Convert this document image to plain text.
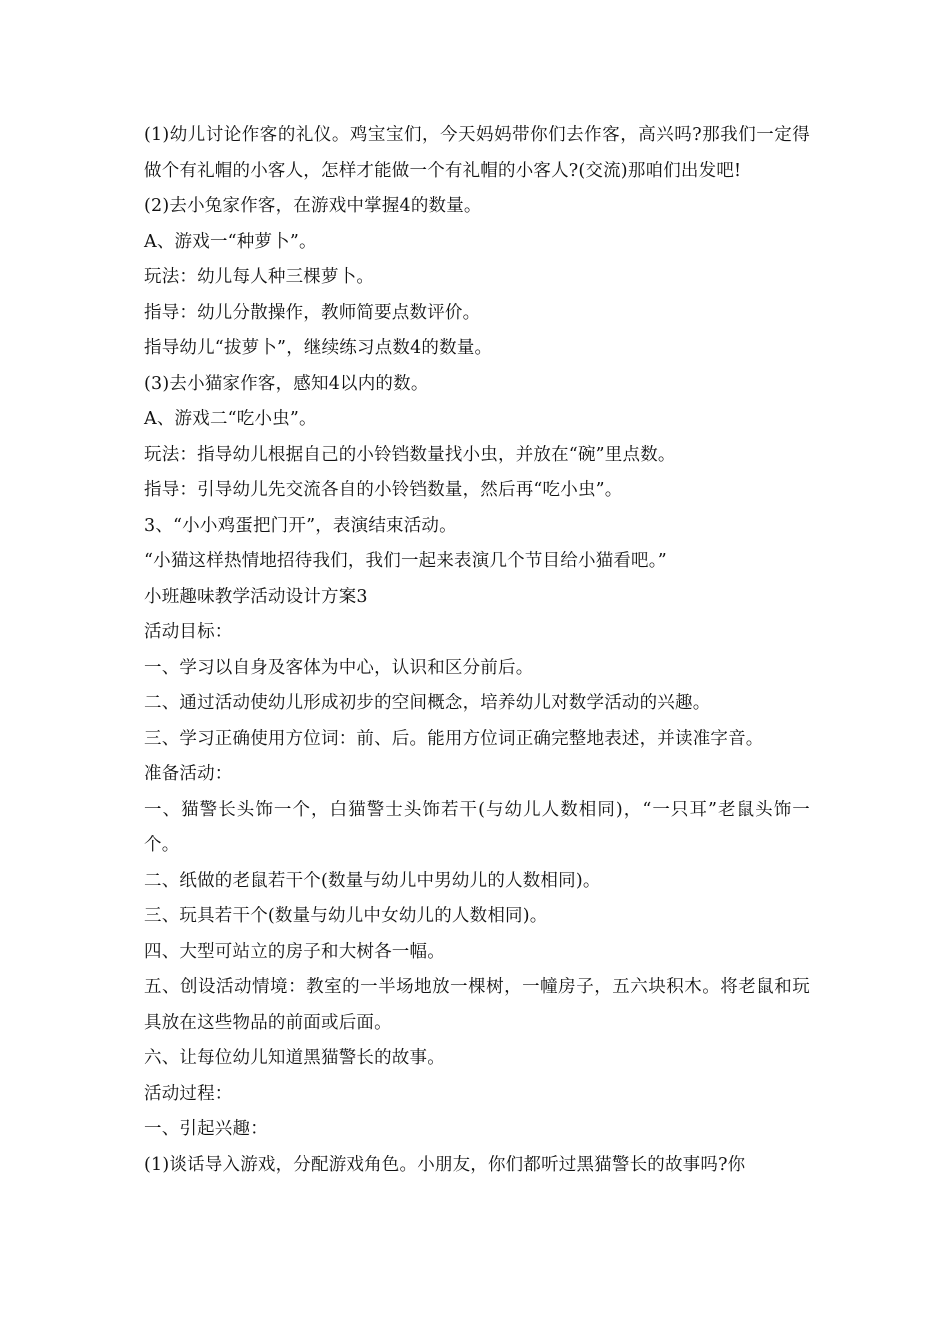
(1)幼儿讨论作客的礼仪。鸡宝宝们，今天妈妈带你们去作客，高兴吗?那我们一定得做个有礼帽的小客人，怎样才能做一个有礼帽的小客人?(交流)那咱们出发吧!

(2)去小兔家作客，在游戏中掌握4的数量。

A、游戏一“种萝卜”。

玩法：幼儿每人种三棵萝卜。

指导：幼儿分散操作，教师简要点数评价。

指导幼儿“拔萝卜”，继续练习点数4的数量。

(3)去小猫家作客，感知4以内的数。

A、游戏二“吃小虫”。

玩法：指导幼儿根据自己的小铃铛数量找小虫，并放在“碗”里点数。

指导：引导幼儿先交流各自的小铃铛数量，然后再“吃小虫”。

3、“小小鸡蛋把门开”，表演结束活动。

“小猫这样热情地招待我们，我们一起来表演几个节目给小猫看吧。”

小班趣味教学活动设计方案3

活动目标：

一、学习以自身及客体为中心，认识和区分前后。

二、通过活动使幼儿形成初步的空间概念，培养幼儿对数学活动的兴趣。

三、学习正确使用方位词：前、后。能用方位词正确完整地表述，并读准字音。

准备活动：

一、猫警长头饰一个，白猫警士头饰若干(与幼儿人数相同)，“一只耳”老鼠头饰一个。

二、纸做的老鼠若干个(数量与幼儿中男幼儿的人数相同)。

三、玩具若干个(数量与幼儿中女幼儿的人数相同)。

四、大型可站立的房子和大树各一幅。

五、创设活动情境：教室的一半场地放一棵树，一幢房子，五六块积木。将老鼠和玩具放在这些物品的前面或后面。

六、让每位幼儿知道黑猫警长的故事。

活动过程：

一、引起兴趣：

(1)谈话导入游戏，分配游戏角色。小朋友，你们都听过黑猫警长的故事吗?你
